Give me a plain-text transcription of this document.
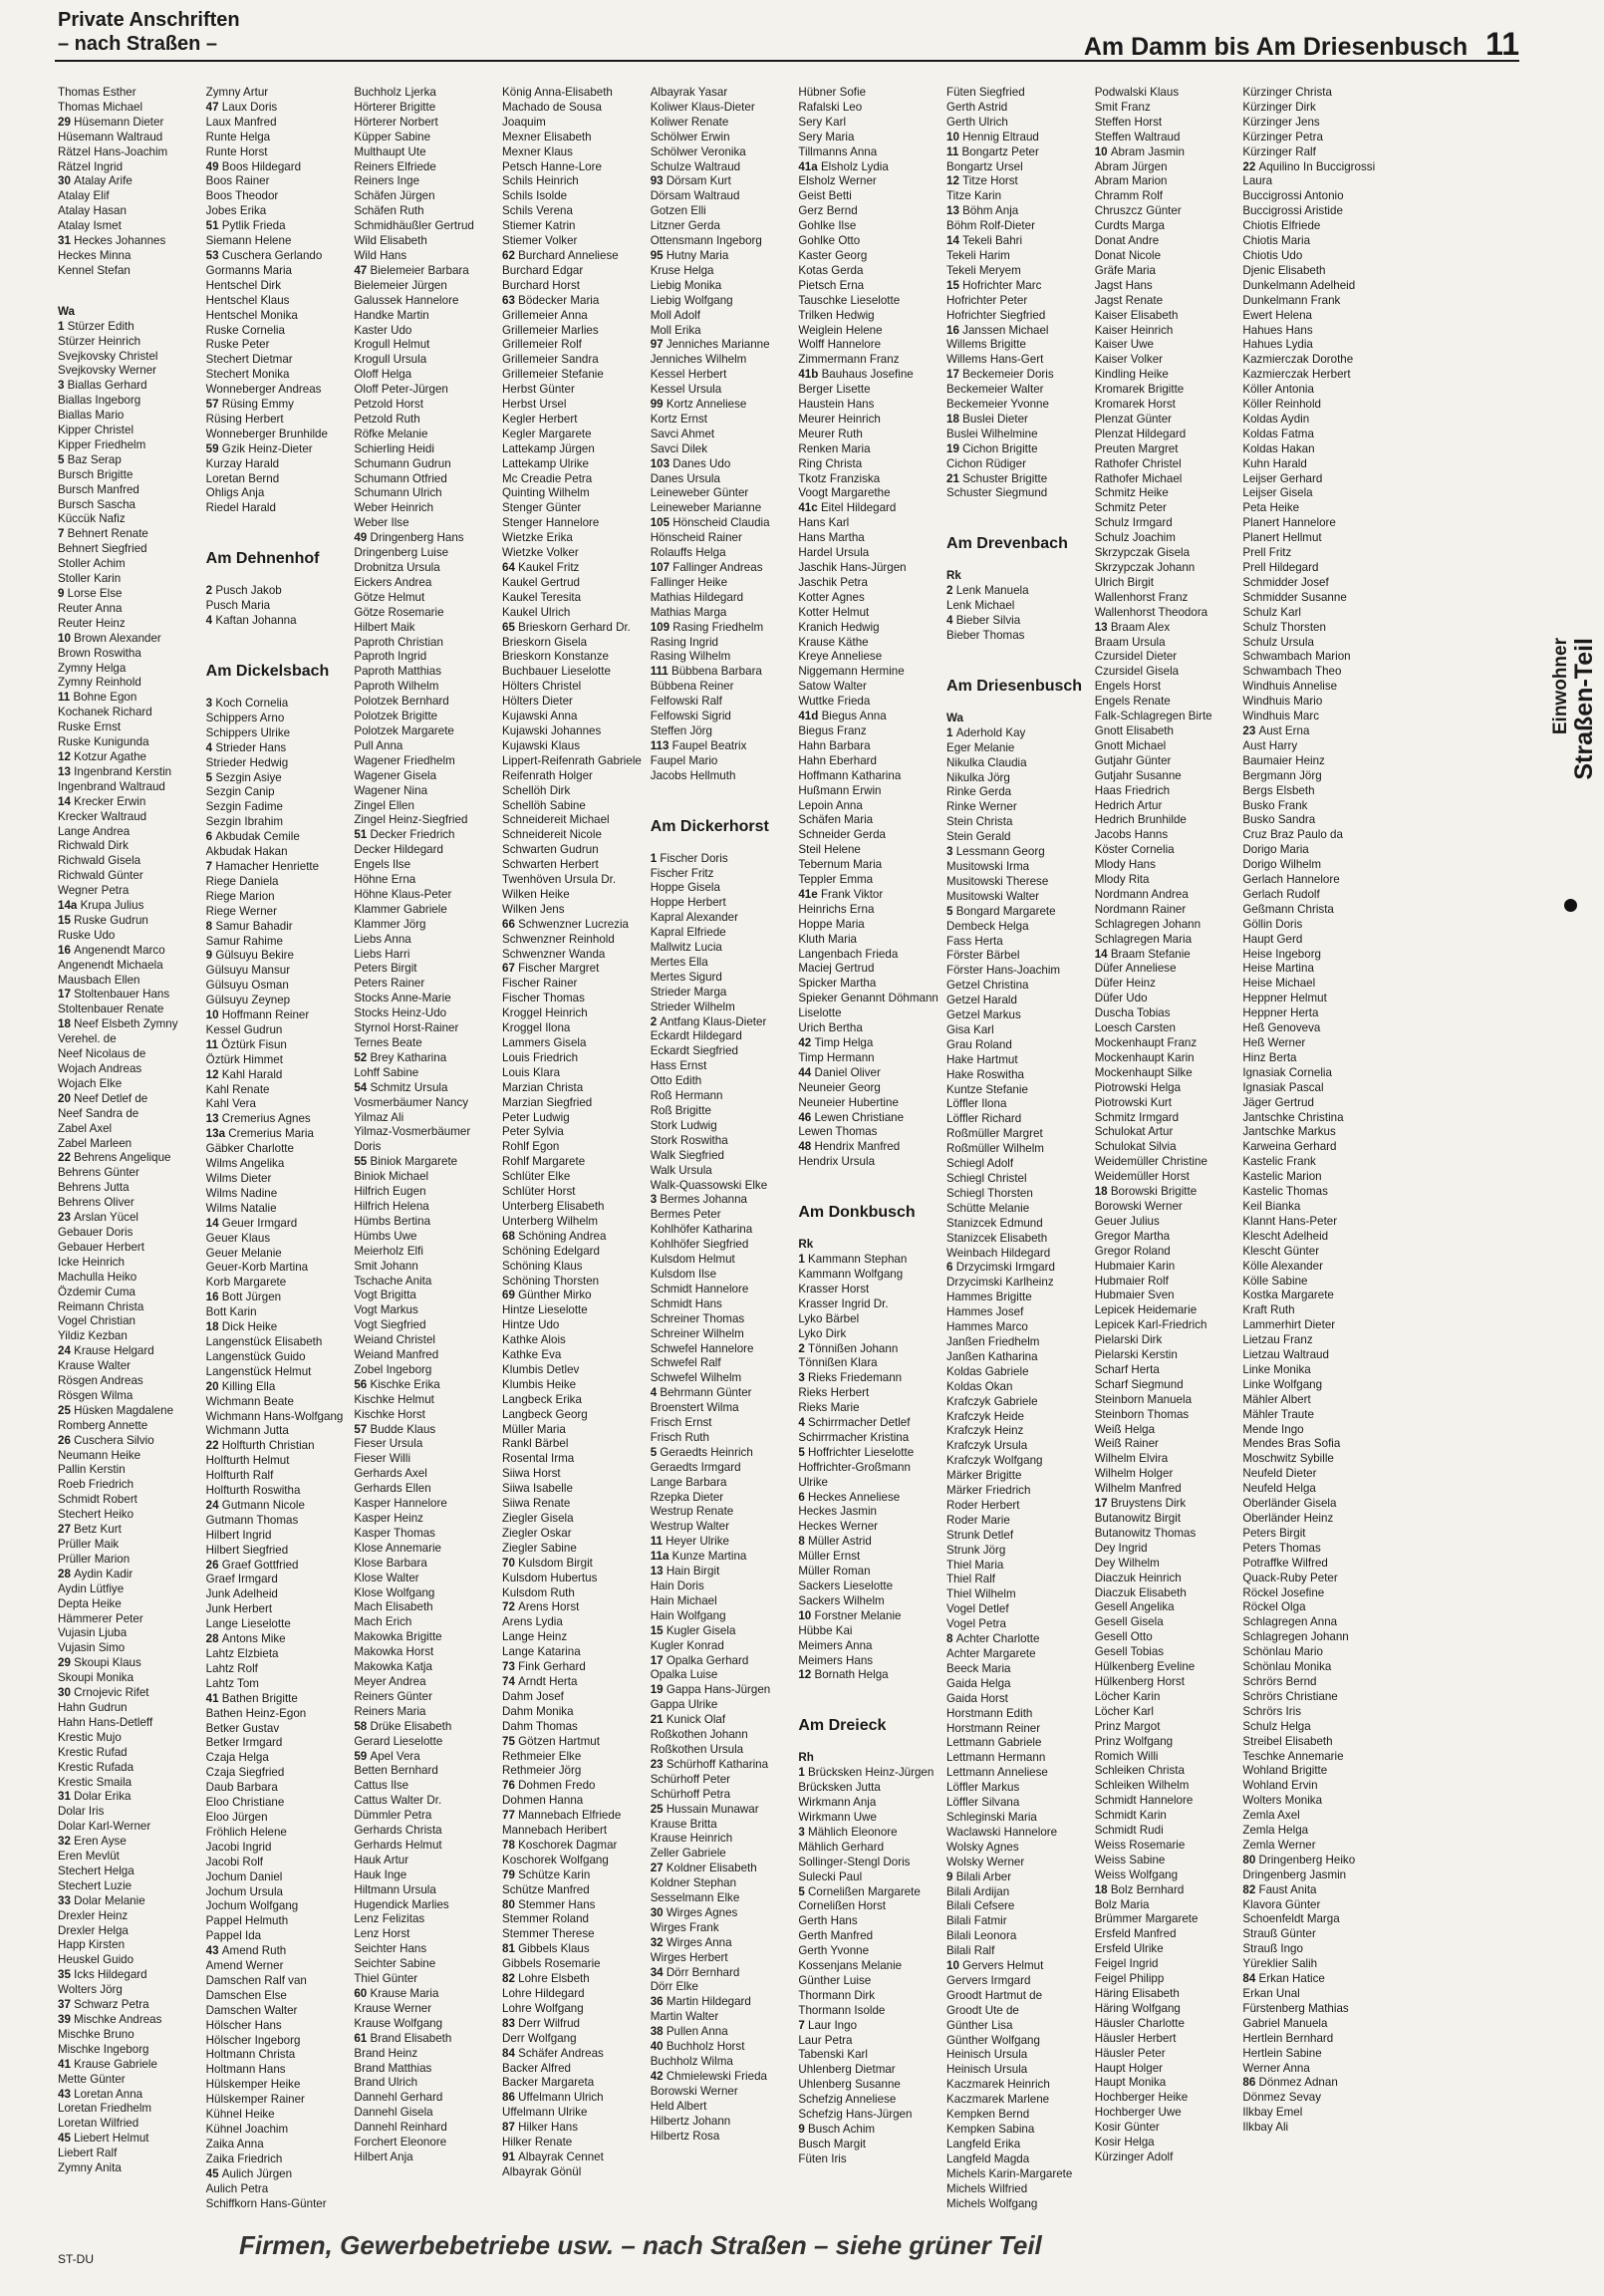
Private Anschriften
– nach Straßen –	Am Damm bis Am Driesenbusch 11
Thomas Esther
Thomas Michael
29 Hüsemann Dieter
Hüsemann Waltraud
Rätzel Hans-Joachim
Rätzel Ingrid
30 Atalay Arife
Atalay Elif
Atalay Hasan
Atalay Ismet
31 Heckes Johannes
Heckes Minna
Kennel Stefan
Wa
1 Stürzer Edith
Stürzer Heinrich
Svejkovsky Christel
Svejkovsky Werner
3 Biallas Gerhard
Biallas Ingeborg
Biallas Mario
Kipper Christel
Kipper Friedhelm
5 Baz Serap
Bursch Brigitte
Bursch Manfred
Bursch Sascha
Küccük Nafiz
7 Behnert Renate
Behnert Siegfried
Stoller Achim
Stoller Karin
9 Lorse Else
Reuter Anna
Reuter Heinz
10 Brown Alexander
Brown Roswitha
Zymny Helga
Zymny Reinhold
11 Bohne Egon
Kochanek Richard
Ruske Ernst
Ruske Kunigunda
12 Kotzur Agathe
13 Ingenbrand Kerstin
Ingenbrand Waltraud
14 Krecker Erwin
Krecker Waltraud
Lange Andrea
Richwald Dirk
Richwald Gisela
Richwald Günter
Wegner Petra
14a Krupa Julius
15 Ruske Gudrun
Ruske Udo
16 Angenendt Marco
Angenendt Michaela
Mausbach Ellen
17 Stoltenbauer Hans
Stoltenbauer Renate
18 Neef Elsbeth Zymny
Verehel. de
Neef Nicolaus de
Wojach Andreas
Wojach Elke
20 Neef Detlef de
Neef Sandra de
Zabel Axel
Zabel Marleen
22 Behrens Angelique
Behrens Günter
Behrens Jutta
Behrens Oliver
23 Arslan Yücel
Gebauer Doris
Gebauer Herbert
Icke Heinrich
Machulla Heiko
Özdemir Cuma
Reimann Christa
Vogel Christian
Yildiz Kezban
24 Krause Helgard
Krause Walter
Rösgen Andreas
Rösgen Wilma
25 Hüsken Magdalene
Romberg Annette
26 Cuschera Silvio
Neumann Heike
Pallin Kerstin
Roeb Friedrich
Schmidt Robert
Stechert Heiko
27 Betz Kurt
Prüller Maik
Prüller Marion
28 Aydin Kadir
Aydin Lütfiye
Depta Heike
Hämmerer Peter
Vujasin Ljuba
Vujasin Simo
29 Skoupi Klaus
Skoupi Monika
30 Crnojevic Rifet
Hahn Gudrun
Hahn Hans-Detleff
Krestic Mujo
Krestic Rufad
Krestic Rufada
Krestic Smaila
31 Dolar Erika
Dolar Iris
Dolar Karl-Werner
32 Eren Ayse
Eren Mevlüt
Stechert Helga
Stechert Luzie
33 Dolar Melanie
Drexler Heinz
Drexler Helga
Happ Kirsten
Heuskel Guido
35 Icks Hildegard
Wolters Jörg
37 Schwarz Petra
39 Mischke Andreas
Mischke Bruno
Mischke Ingeborg
41 Krause Gabriele
Mette Günter
43 Loretan Anna
Loretan Friedhelm
Loretan Wilfried
45 Liebert Helmut
Liebert Ralf
Zymny Anita
Zymny Artur
47 Laux Doris
Laux Manfred
Runte Helga
Runte Horst
49 Boos Hildegard
Boos Rainer
Boos Theodor
Jobes Erika
51 Pytlik Frieda
Siemann Helene
53 Cuschera Gerlando
Gormanns Maria
Hentschel Dirk
Hentschel Klaus
Hentschel Monika
Ruske Cornelia
Ruske Peter
Stechert Dietmar
Stechert Monika
Wonneberger Andreas
57 Rüsing Emmy
Rüsing Herbert
Wonneberger Brunhilde
59 Gzik Heinz-Dieter
Kurzay Harald
Loretan Bernd
Ohligs Anja
Riedel Harald
Am Dehnenhof
2 Pusch Jakob
Pusch Maria
4 Kaftan Johanna
Am Dickelsbach
3 Koch Cornelia
Schippers Arno
Schippers Ulrike
4 Strieder Hans
Strieder Hedwig
5 Sezgin Asiye
Sezgin Canip
Sezgin Fadime
Sezgin Ibrahim
6 Akbudak Cemile
Akbudak Hakan
7 Hamacher Henriette
Riege Daniela
Riege Marion
Riege Werner
8 Samur Bahadir
Samur Rahime
9 Gülsuyu Bekire
Gülsuyu Mansur
Gülsuyu Osman
Gülsuyu Zeynep
10 Hoffmann Reiner
Kessel Gudrun
11 Öztürk Fisun
Öztürk Himmet
12 Kahl Harald
Kahl Renate
Kahl Vera
13 Cremerius Agnes
13a Cremerius Maria
Gäbker Charlotte
Wilms Angelika
Wilms Dieter
Wilms Nadine
Wilms Natalie
14 Geuer Irmgard
Geuer Klaus
Geuer Melanie
Geuer-Korb Martina
Korb Margarete
16 Bott Jürgen
Bott Karin
18 Dick Heike
Langenstück Elisabeth
Langenstück Guido
Langenstück Helmut
20 Killing Ella
Wichmann Beate
Wichmann Hans-Wolfgang
Wichmann Jutta
22 Holfturth Christian
Holfturth Helmut
Holfturth Ralf
Holfturth Roswitha
24 Gutmann Nicole
Gutmann Thomas
Hilbert Ingrid
Hilbert Siegfried
26 Graef Gottfried
Graef Irmgard
Junk Adelheid
Junk Herbert
Lange Lieselotte
28 Antons Mike
Lahtz Elzbieta
Lahtz Rolf
Lahtz Tom
41 Bathen Brigitte
Bathen Heinz-Egon
Betker Gustav
Betker Irmgard
Czaja Helga
Czaja Siegfried
Daub Barbara
Eloo Christiane
Eloo Jürgen
Fröhlich Helene
Jacobi Ingrid
Jacobi Rolf
Jochum Daniel
Jochum Ursula
Jochum Wolfgang
Pappel Helmuth
Pappel Ida
43 Amend Ruth
Amend Werner
Damschen Ralf van
Damschen Else
Damschen Walter
Hölscher Hans
Hölscher Ingeborg
Holtmann Christa
Holtmann Hans
Hülskemper Heike
Hülskemper Rainer
Kühnel Heike
Kühnel Joachim
Zaika Anna
Zaika Friedrich
45 Aulich Jürgen
Aulich Petra
Schiffkorn Hans-Günter
Buchholz Ljerka
Hörterer Brigitte
Hörterer Norbert
Küpper Sabine
Multhaupt Ute
Reiners Elfriede
Reiners Inge
Schäfen Jürgen
Schäfen Ruth
Schmidhäußler Gertrud
Wild Elisabeth
Wild Hans
47 Bielemeier Barbara
Bielemeier Jürgen
Galussek Hannelore
Handke Martin
Kaster Udo
Krogull Helmut
Krogull Ursula
Oloff Helga
Oloff Peter-Jürgen
Petzold Horst
Petzold Ruth
Röfke Melanie
Schierling Heidi
Schumann Gudrun
Schumann Otfried
Schumann Ulrich
Weber Heinrich
Weber Ilse
49 Dringenberg Hans
Dringenberg Luise
Drobnitza Ursula
Eickers Andrea
Götze Helmut
Götze Rosemarie
Hilbert Maik
Paproth Christian
Paproth Ingrid
Paproth Matthias
Paproth Wilhelm
Polotzek Bernhard
Polotzek Brigitte
Polotzek Margarete
Pull Anna
Wagener Friedhelm
Wagener Gisela
Wagener Nina
Zingel Ellen
Zingel Heinz-Siegfried
51 Decker Friedrich
Decker Hildegard
Engels Ilse
Höhne Erna
Höhne Klaus-Peter
Klammer Gabriele
Klammer Jörg
Liebs Anna
Liebs Harri
Peters Birgit
Peters Rainer
Stocks Anne-Marie
Stocks Heinz-Udo
Styrnol Horst-Rainer
Ternes Beate
52 Brey Katharina
Lohff Sabine
54 Schmitz Ursula
Vosmerbäumer Nancy
Yilmaz Ali
Yilmaz-Vosmerbäumer
Doris
55 Biniok Margarete
Biniok Michael
Hilfrich Eugen
Hilfrich Helena
Hümbs Bertina
Hümbs Uwe
Meierholz Elfi
Smit Johann
Tschache Anita
Vogt Brigitta
Vogt Markus
Vogt Siegfried
Weiand Christel
Weiand Manfred
Zobel Ingeborg
56 Kischke Erika
Kischke Helmut
Kischke Horst
57 Budde Klaus
Fieser Ursula
Fieser Willi
Gerhards Axel
Gerhards Ellen
Kasper Hannelore
Kasper Heinz
Kasper Thomas
Klose Annemarie
Klose Barbara
Klose Walter
Klose Wolfgang
Mach Elisabeth
Mach Erich
Makowka Brigitte
Makowka Horst
Makowka Katja
Meyer Andrea
Reiners Günter
Reiners Maria
58 Drüke Elisabeth
Gerard Lieselotte
59 Apel Vera
Betten Bernhard
Cattus Ilse
Cattus Walter Dr.
Dümmler Petra
Gerhards Christa
Gerhards Helmut
Hauk Artur
Hauk Inge
Hiltmann Ursula
Hugendick Marlies
Lenz Felizitas
Lenz Horst
Seichter Hans
Seichter Sabine
Thiel Günter
60 Krause Maria
Krause Werner
Krause Wolfgang
61 Brand Elisabeth
Brand Heinz
Brand Matthias
Brand Ulrich
Dannehl Gerhard
Dannehl Gisela
Dannehl Reinhard
Forchert Eleonore
Hilbert Anja
König Anna-Elisabeth
Machado de Sousa
Joaquim
Mexner Elisabeth
Mexner Klaus
Petsch Hanne-Lore
Schils Heinrich
Schils Isolde
Schils Verena
Stiemer Katrin
Stiemer Volker
62 Burchard Anneliese
Burchard Edgar
Burchard Horst
63 Bödecker Maria
Grillemeier Anna
Grillemeier Marlies
Grillemeier Rolf
Grillemeier Sandra
Grillemeier Stefanie
Herbst Günter
Herbst Ursel
Kegler Herbert
Kegler Margarete
Lattekamp Jürgen
Lattekamp Ulrike
Mc Creadie Petra
Quinting Wilhelm
Stenger Günter
Stenger Hannelore
Wietzke Erika
Wietzke Volker
64 Kaukel Fritz
Kaukel Gertrud
Kaukel Teresita
Kaukel Ulrich
65 Brieskorn Gerhard Dr.
Brieskorn Gisela
Brieskorn Konstanze
Buchbauer Lieselotte
Hölters Christel
Hölters Dieter
Kujawski Anna
Kujawski Johannes
Kujawski Klaus
Lippert-Reifenrath Gabriele
Reifenrath Holger
Schellöh Dirk
Schellöh Sabine
Schneidereit Michael
Schneidereit Nicole
Schwarten Gudrun
Schwarten Herbert
Twenhöven Ursula Dr.
Wilken Heike
Wilken Jens
66 Schwenzner Lucrezia
Schwenzner Reinhold
Schwenzner Wanda
67 Fischer Margret
Fischer Rainer
Fischer Thomas
Kroggel Heinrich
Kroggel Ilona
Lammers Gisela
Louis Friedrich
Louis Klara
Marzian Christa
Marzian Siegfried
Peter Ludwig
Peter Sylvia
Rohlf Egon
Rohlf Margarete
Schlüter Elke
Schlüter Horst
Unterberg Elisabeth
Unterberg Wilhelm
68 Schöning Andrea
Schöning Edelgard
Schöning Klaus
Schöning Thorsten
69 Günther Mirko
Hintze Lieselotte
Hintze Udo
Kathke Alois
Kathke Eva
Klumbis Detlev
Klumbis Heike
Langbeck Erika
Langbeck Georg
Müller Maria
Rankl Bärbel
Rosental Irma
Siiwa Horst
Siiwa Isabelle
Siiwa Renate
Ziegler Gisela
Ziegler Oskar
Ziegler Sabine
70 Kulsdom Birgit
Kulsdom Hubertus
Kulsdom Ruth
72 Arens Horst
Arens Lydia
Lange Heinz
Lange Katarina
73 Fink Gerhard
74 Arndt Herta
Dahm Josef
Dahm Monika
Dahm Thomas
75 Götzen Hartmut
Rethmeier Elke
Rethmeier Jörg
76 Dohmen Fredo
Dohmen Hanna
77 Mannebach Elfriede
Mannebach Heribert
78 Koschorek Dagmar
Koschorek Wolfgang
79 Schütze Karin
Schütze Manfred
80 Stemmer Hans
Stemmer Roland
Stemmer Therese
81 Gibbels Klaus
Gibbels Rosemarie
82 Lohre Elsbeth
Lohre Hildegard
Lohre Wolfgang
83 Derr Wilfrud
Derr Wolfgang
84 Schäfer Andreas
Backer Alfred
Backer Margareta
86 Uffelmann Ulrich
Uffelmann Ulrike
87 Hilker Hans
Hilker Renate
91 Albayrak Cennet
Albayrak Gönül
Albayrak Yasar
Koliwer Klaus-Dieter
Koliwer Renate
Schölwer Erwin
Schölwer Veronika
Schulze Waltraud
93 Dörsam Kurt
Dörsam Waltraud
Gotzen Elli
Litzner Gerda
Ottensmann Ingeborg
95 Hutny Maria
Kruse Helga
Liebig Monika
Liebig Wolfgang
Moll Adolf
Moll Erika
97 Jenniches Marianne
Jenniches Wilhelm
Kessel Herbert
Kessel Ursula
99 Kortz Anneliese
Kortz Ernst
Savci Ahmet
Savci Dilek
103 Danes Udo
Danes Ursula
Leineweber Günter
Leineweber Marianne
105 Hönscheid Claudia
Hönscheid Rainer
Rolauffs Helga
107 Fallinger Andreas
Fallinger Heike
Mathias Hildegard
Mathias Marga
109 Rasing Friedhelm
Rasing Ingrid
Rasing Wilhelm
111 Bübbena Barbara
Bübbena Reiner
Felfowski Ralf
Felfowski Sigrid
Steffen Jörg
113 Faupel Beatrix
Faupel Mario
Jacobs Hellmuth
Am Dickerhorst
1 Fischer Doris
Fischer Fritz
Hoppe Gisela
Hoppe Herbert
Kapral Alexander
Kapral Elfriede
Mallwitz Lucia
Mertes Ella
Mertes Sigurd
Strieder Marga
Strieder Wilhelm
2 Antfang Klaus-Dieter
Eckardt Hildegard
Eckardt Siegfried
Hass Ernst
Otto Edith
Roß Hermann
Roß Brigitte
Stork Ludwig
Stork Roswitha
Walk Siegfried
Walk Ursula
Walk-Quassowski Elke
3 Bermes Johanna
Bermes Peter
Kohlhöfer Katharina
Kohlhöfer Siegfried
Kulsdom Helmut
Kulsdom Ilse
Schmidt Hannelore
Schmidt Hans
Schreiner Thomas
Schreiner Wilhelm
Schwefel Hannelore
Schwefel Ralf
Schwefel Wilhelm
4 Behrmann Günter
Broenstert Wilma
Frisch Ernst
Frisch Ruth
5 Geraedts Heinrich
Geraedts Irmgard
Lange Barbara
Rzepka Dieter
Westrup Renate
Westrup Walter
11 Heyer Ulrike
11a Kunze Martina
13 Hain Birgit
Hain Doris
Hain Michael
Hain Wolfgang
15 Kugler Gisela
Kugler Konrad
17 Opalka Gerhard
Opalka Luise
19 Gappa Hans-Jürgen
Gappa Ulrike
21 Kunick Olaf
Roßkothen Johann
Roßkothen Ursula
23 Schürhoff Katharina
Schürhoff Peter
Schürhoff Petra
25 Hussain Munawar
Krause Britta
Krause Heinrich
Zeller Gabriele
27 Koldner Elisabeth
Koldner Stephan
Sesselmann Elke
30 Wirges Agnes
Wirges Frank
32 Wirges Anna
Wirges Herbert
34 Dörr Bernhard
Dörr Elke
36 Martin Hildegard
Martin Walter
38 Pullen Anna
40 Buchholz Horst
Buchholz Wilma
42 Chmielewski Frieda
Borowski Werner
Held Albert
Hilbertz Johann
Hilbertz Rosa
Hübner Sofie
Rafalski Leo
Sery Karl
Sery Maria
Tillmanns Anna
41a Elsholz Lydia
Elsholz Werner
Geist Betti
Gerz Bernd
Gohlke Ilse
Gohlke Otto
Kaster Georg
Kotas Gerda
Pietsch Erna
Tauschke Lieselotte
Trilken Hedwig
Weiglein Helene
Wolff Hannelore
Zimmermann Franz
41b Bauhaus Josefine
Berger Lisette
Haustein Hans
Meurer Heinrich
Meurer Ruth
Renken Maria
Ring Christa
Tkotz Franziska
Voogt Margarethe
41c Eitel Hildegard
Hans Karl
Hans Martha
Hardel Ursula
Jaschik Hans-Jürgen
Jaschik Petra
Kotter Agnes
Kotter Helmut
Kranich Hedwig
Krause Käthe
Kreye Anneliese
Niggemann Hermine
Satow Walter
Wuttke Frieda
41d Biegus Anna
Biegus Franz
Hahn Barbara
Hahn Eberhard
Hoffmann Katharina
Hußmann Erwin
Lepoin Anna
Schäfen Maria
Schneider Gerda
Steil Helene
Tebernum Maria
Teppler Emma
41e Frank Viktor
Heinrichs Erna
Hoppe Maria
Kluth Maria
Langenbach Frieda
Maciej Gertrud
Spicker Martha
Spieker Genannt Döhmann
Liselotte
Urich Bertha
42 Timp Helga
Timp Hermann
44 Daniel Oliver
Neuneier Georg
Neuneier Hubertine
46 Lewen Christiane
Lewen Thomas
48 Hendrix Manfred
Hendrix Ursula
Am Donkbusch
Rk
1 Kammann Stephan
Kammann Wolfgang
Krasser Horst
Krasser Ingrid Dr.
Lyko Bärbel
Lyko Dirk
2 Tönnißen Johann
Tönnißen Klara
3 Rieks Friedemann
Rieks Herbert
Rieks Marie
4 Schirrmacher Detlef
Schirrmacher Kristina
5 Hoffrichter Lieselotte
Hoffrichter-Großmann
Ulrike
6 Heckes Anneliese
Heckes Jasmin
Heckes Werner
8 Müller Astrid
Müller Ernst
Müller Roman
Sackers Lieselotte
Sackers Wilhelm
10 Forstner Melanie
Hübbe Kai
Meimers Anna
Meimers Hans
12 Bornath Helga
Am Dreieck
Rh
1 Brücksken Heinz-Jürgen
Brücksken Jutta
Wirkmann Anja
Wirkmann Uwe
3 Mählich Eleonore
Mählich Gerhard
Sollinger-Stengl Doris
Sulecki Paul
5 Cornelißen Margarete
Cornelißen Horst
Gerth Hans
Gerth Manfred
Gerth Yvonne
Kossenjans Melanie
Günther Luise
Thormann Dirk
Thormann Isolde
7 Laur Ingo
Laur Petra
Tabenski Karl
Uhlenberg Dietmar
Uhlenberg Susanne
Schefzig Anneliese
Schefzig Hans-Jürgen
9 Busch Achim
Busch Margit
Füten Iris
Füten Siegfried
Gerth Astrid
Gerth Ulrich
10 Hennig Eltraud
11 Bongartz Peter
Bongartz Ursel
12 Titze Horst
Titze Karin
13 Böhm Anja
Böhm Rolf-Dieter
14 Tekeli Bahri
Tekeli Harim
Tekeli Meryem
15 Hofrichter Marc
Hofrichter Peter
Hofrichter Siegfried
16 Janssen Michael
Willems Brigitte
Willems Hans-Gert
17 Beckemeier Doris
Beckemeier Walter
Beckemeier Yvonne
18 Buslei Dieter
Buslei Wilhelmine
19 Cichon Brigitte
Cichon Rüdiger
21 Schuster Brigitte
Schuster Siegmund
Am Drevenbach
Rk
2 Lenk Manuela
Lenk Michael
4 Bieber Silvia
Bieber Thomas
Am Driesenbusch
Wa
1 Aderhold Kay
Eger Melanie
Nikulka Claudia
Nikulka Jörg
Rinke Gerda
Rinke Werner
Stein Christa
Stein Gerald
3 Lessmann Georg
Musitowski Irma
Musitowski Therese
Musitowski Walter
5 Bongard Margarete
Dembeck Helga
Fass Herta
Förster Bärbel
Förster Hans-Joachim
Getzel Christina
Getzel Harald
Getzel Markus
Gisa Karl
Grau Roland
Hake Hartmut
Hake Roswitha
Kuntze Stefanie
Löffler Ilona
Löffler Richard
Roßmüller Margret
Roßmüller Wilhelm
Schiegl Adolf
Schiegl Christel
Schiegl Thorsten
Schütte Melanie
Stanizcek Edmund
Stanizcek Elisabeth
Weinbach Hildegard
6 Drzycimski Irmgard
Drzycimski Karlheinz
Hammes Brigitte
Hammes Josef
Hammes Marco
Janßen Friedhelm
Janßen Katharina
Koldas Gabriele
Koldas Okan
Krafczyk Gabriele
Krafczyk Heide
Krafczyk Heinz
Krafczyk Ursula
Krafczyk Wolfgang
Märker Brigitte
Märker Friedrich
Roder Herbert
Roder Marie
Strunk Detlef
Strunk Jörg
Thiel Maria
Thiel Ralf
Thiel Wilhelm
Vogel Detlef
Vogel Petra
8 Achter Charlotte
Achter Margarete
Beeck Maria
Gaida Helga
Gaida Horst
Horstmann Edith
Horstmann Reiner
Lettmann Gabriele
Lettmann Hermann
Lettmann Anneliese
Löffler Markus
Löffler Silvana
Schleginski Maria
Waclawski Hannelore
Wolsky Agnes
Wolsky Werner
9 Bilali Arber
Bilali Ardijan
Bilali Cefsere
Bilali Fatmir
Bilali Leonora
Bilali Ralf
10 Gervers Helmut
Gervers Irmgard
Groodt Hartmut de
Groodt Ute de
Günther Lisa
Günther Wolfgang
Heinisch Ursula
Heinisch Ursula
Kaczmarek Heinrich
Kaczmarek Marlene
Kempken Bernd
Kempken Sabina
Langfeld Erika
Langfeld Magda
Michels Karin-Margarete
Michels Wilfried
Michels Wolfgang
Podwalski Klaus
Smit Franz
Steffen Horst
Steffen Waltraud
10 Abram Jasmin
Abram Jürgen
Abram Marion
Chramm Rolf
Chruszcz Günter
Curdts Marga
Donat Andre
Donat Nicole
Gräfe Maria
Jagst Hans
Jagst Renate
Kaiser Elisabeth
Kaiser Heinrich
Kaiser Uwe
Kaiser Volker
Kindling Heike
Kromarek Brigitte
Kromarek Horst
Plenzat Günter
Plenzat Hildegard
Preuten Margret
Rathofer Christel
Rathofer Michael
Schmitz Heike
Schmitz Peter
Schulz Irmgard
Schulz Joachim
Skrzypczak Gisela
Skrzypczak Johann
Ulrich Birgit
Wallenhorst Franz
Wallenhorst Theodora
13 Braam Alex
Braam Ursula
Czursidel Dieter
Czursidel Gisela
Engels Horst
Engels Renate
Falk-Schlagregen Birte
Gnott Elisabeth
Gnott Michael
Gutjahr Günter
Gutjahr Susanne
Haas Friedrich
Hedrich Artur
Hedrich Brunhilde
Jacobs Hanns
Köster Cornelia
Mlody Hans
Mlody Rita
Nordmann Andrea
Nordmann Rainer
Schlagregen Johann
Schlagregen Maria
14 Braam Stefanie
Düfer Anneliese
Düfer Heinz
Düfer Udo
Duscha Tobias
Loesch Carsten
Mockenhaupt Franz
Mockenhaupt Karin
Mockenhaupt Silke
Piotrowski Helga
Piotrowski Kurt
Schmitz Irmgard
Schulokat Artur
Schulokat Silvia
Weidemüller Christine
Weidemüller Horst
18 Borowski Brigitte
Borowski Werner
Geuer Julius
Gregor Martha
Gregor Roland
Hubmaier Karin
Hubmaier Rolf
Hubmaier Sven
Lepicek Heidemarie
Lepicek Karl-Friedrich
Pielarski Dirk
Pielarski Kerstin
Scharf Herta
Scharf Siegmund
Steinborn Manuela
Steinborn Thomas
Weiß Helga
Weiß Rainer
Wilhelm Elvira
Wilhelm Holger
Wilhelm Manfred
17 Bruystens Dirk
Butanowitz Birgit
Butanowitz Thomas
Dey Ingrid
Dey Wilhelm
Diaczuk Heinrich
Diaczuk Elisabeth
Gesell Angelika
Gesell Gisela
Gesell Otto
Gesell Tobias
Hülkenberg Eveline
Hülkenberg Horst
Löcher Karin
Löcher Karl
Prinz Margot
Prinz Wolfgang
Romich Willi
Schleiken Christa
Schleiken Wilhelm
Schmidt Hannelore
Schmidt Karin
Schmidt Rudi
Weiss Rosemarie
Weiss Sabine
Weiss Wolfgang
18 Bolz Bernhard
Bolz Maria
Brümmer Margarete
Ersfeld Manfred
Ersfeld Ulrike
Feigel Ingrid
Feigel Philipp
Häring Elisabeth
Häring Wolfgang
Häusler Charlotte
Häusler Herbert
Häusler Peter
Haupt Holger
Haupt Monika
Hochberger Heike
Hochberger Uwe
Kosir Günter
Kosir Helga
Kürzinger Adolf
Kürzinger Christa
Kürzinger Dirk
Kürzinger Jens
Kürzinger Petra
Kürzinger Ralf
22 Aquilino In Buccigrossi
Laura
Buccigrossi Antonio
Buccigrossi Aristide
Chiotis Elfriede
Chiotis Maria
Chiotis Udo
Djenic Elisabeth
Dunkelmann Adelheid
Dunkelmann Frank
Ewert Helena
Hahues Hans
Hahues Lydia
Kazmierczak Dorothe
Kazmierczak Herbert
Köller Antonia
Köller Reinhold
Koldas Aydin
Koldas Fatma
Koldas Hakan
Kuhn Harald
Leijser Gerhard
Leijser Gisela
Peta Heike
Planert Hannelore
Planert Hellmut
Prell Fritz
Prell Hildegard
Schmidder Josef
Schmidder Susanne
Schulz Karl
Schulz Thorsten
Schulz Ursula
Schwambach Marion
Schwambach Theo
Windhuis Annelise
Windhuis Mario
Windhuis Marc
23 Aust Erna
Aust Harry
Baumaier Heinz
Bergmann Jörg
Bergs Elsbeth
Busko Frank
Busko Sandra
Cruz Braz Paulo da
Dorigo Maria
Dorigo Wilhelm
Gerlach Hannelore
Gerlach Rudolf
Geßmann Christa
Göllin Doris
Haupt Gerd
Heise Ingeborg
Heise Martina
Heise Michael
Heppner Helmut
Heppner Herta
Heß Genoveva
Heß Werner
Hinz Berta
Ignasiak Cornelia
Ignasiak Pascal
Jäger Gertrud
Jantschke Christina
Jantschke Markus
Karweina Gerhard
Kastelic Frank
Kastelic Marion
Kastelic Thomas
Keil Bianka
Klannt Hans-Peter
Klescht Adelheid
Klescht Günter
Kölle Alexander
Kölle Sabine
Kostka Margarete
Kraft Ruth
Lammerhirt Dieter
Lietzau Franz
Lietzau Waltraud
Linke Monika
Linke Wolfgang
Mähler Albert
Mähler Traute
Mende Ingo
Mendes Bras Sofia
Moschwitz Sybille
Neufeld Dieter
Neufeld Helga
Oberländer Gisela
Oberländer Heinz
Peters Birgit
Peters Thomas
Potraffke Wilfred
Quack-Ruby Peter
Röckel Josefine
Röckel Olga
Schlagregen Anna
Schlagregen Johann
Schönlau Mario
Schönlau Monika
Schrörs Bernd
Schrörs Christiane
Schrörs Iris
Schulz Helga
Streibel Elisabeth
Teschke Annemarie
Wohland Brigitte
Wohland Ervin
Wolters Monika
Zemla Axel
Zemla Helga
Zemla Werner
80 Dringenberg Heiko
Dringenberg Jasmin
82 Faust Anita
Klavora Günter
Schoenfeldt Marga
Strauß Günter
Strauß Ingo
Yüreklier Salih
84 Erkan Hatice
Erkan Unal
Fürstenberg Mathias
Gabriel Manuela
Hertlein Bernhard
Hertlein Sabine
Werner Anna
86 Dönmez Adnan
Dönmez Sevay
Ilkbay Emel
Ilkbay Ali
Einwohner Straßen-Teil
ST-DU	Firmen, Gewerbebetriebe usw. – nach Straßen – siehe grüner Teil
